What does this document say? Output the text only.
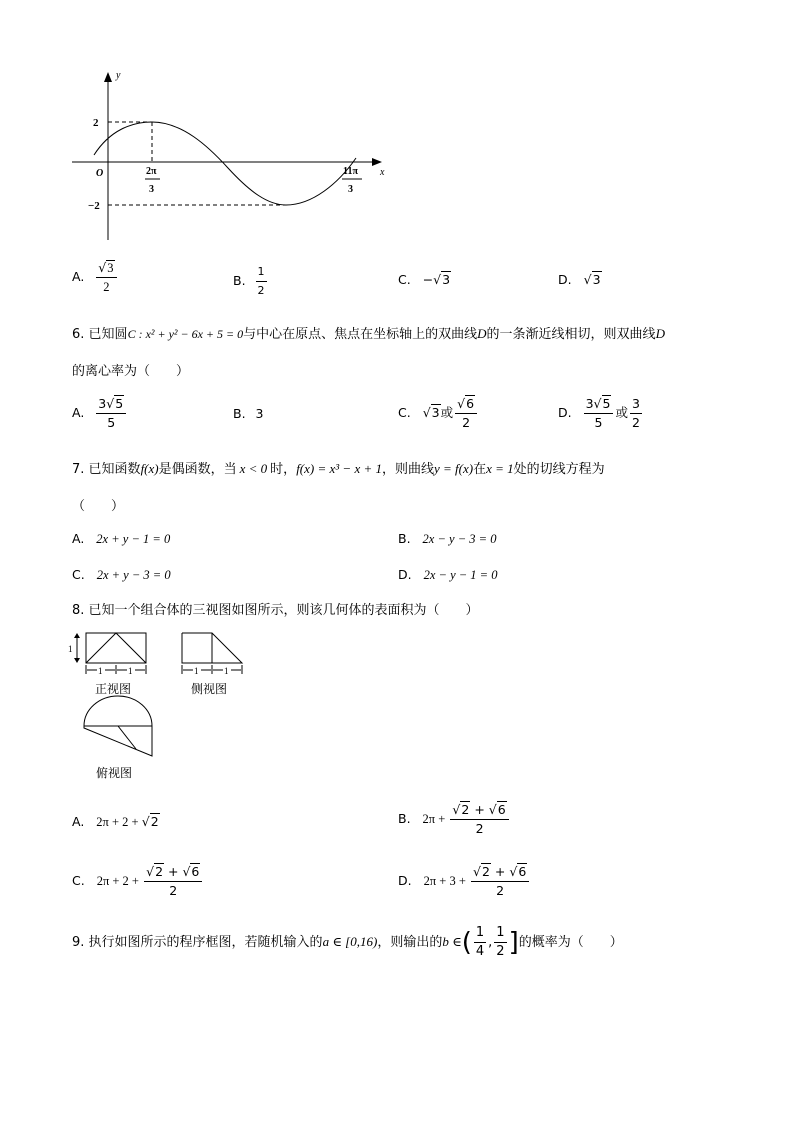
y
x
O
2
−2
2π
3
11π
3
A. $\frac{√3}{2}$	B. $\frac{1}{2}$	C. −√3	D. √3
6. 已知圆C : x² + y² − 6x + 5 = 0与中心在原点、焦点在坐标轴上的双曲线D的一条渐近线相切，则双曲线D
的离心率为（　　）
A. $\frac{3√5}{5}$	B. 3	C. √3或 $\frac{√6}{2}$	D. $\frac{3√5}{5}$ 或 $\frac{3}{2}$
7. 已知函数f(x)是偶函数，当 x < 0 时，f(x) = x³ − x + 1，则曲线y = f(x)在x = 1处的切线方程为
（　　）
A. 2x + y − 1 = 0	B. 2x − y − 3 = 0
C. 2x + y − 3 = 0	D. 2x − y − 1 = 0
8. 已知一个组合体的三视图如图所示，则该几何体的表面积为（　　）
1	1
1
正视图
1	1
侧视图
俯视图
A. 2π + 2 + √2	B. $2\pi + \frac{√2 + √6}{2}$
C. $2\pi + 2 + \frac{√2 + √6}{2}$	D. $2\pi + 3 + \frac{√2 + √6}{2}$
9. 执行如图所示的程序框图，若随机输入的a ∈ [0,16)，则输出的b ∈( $\frac{1}{4}$ , $\frac{1}{2}$ ]的概率为（　　）
